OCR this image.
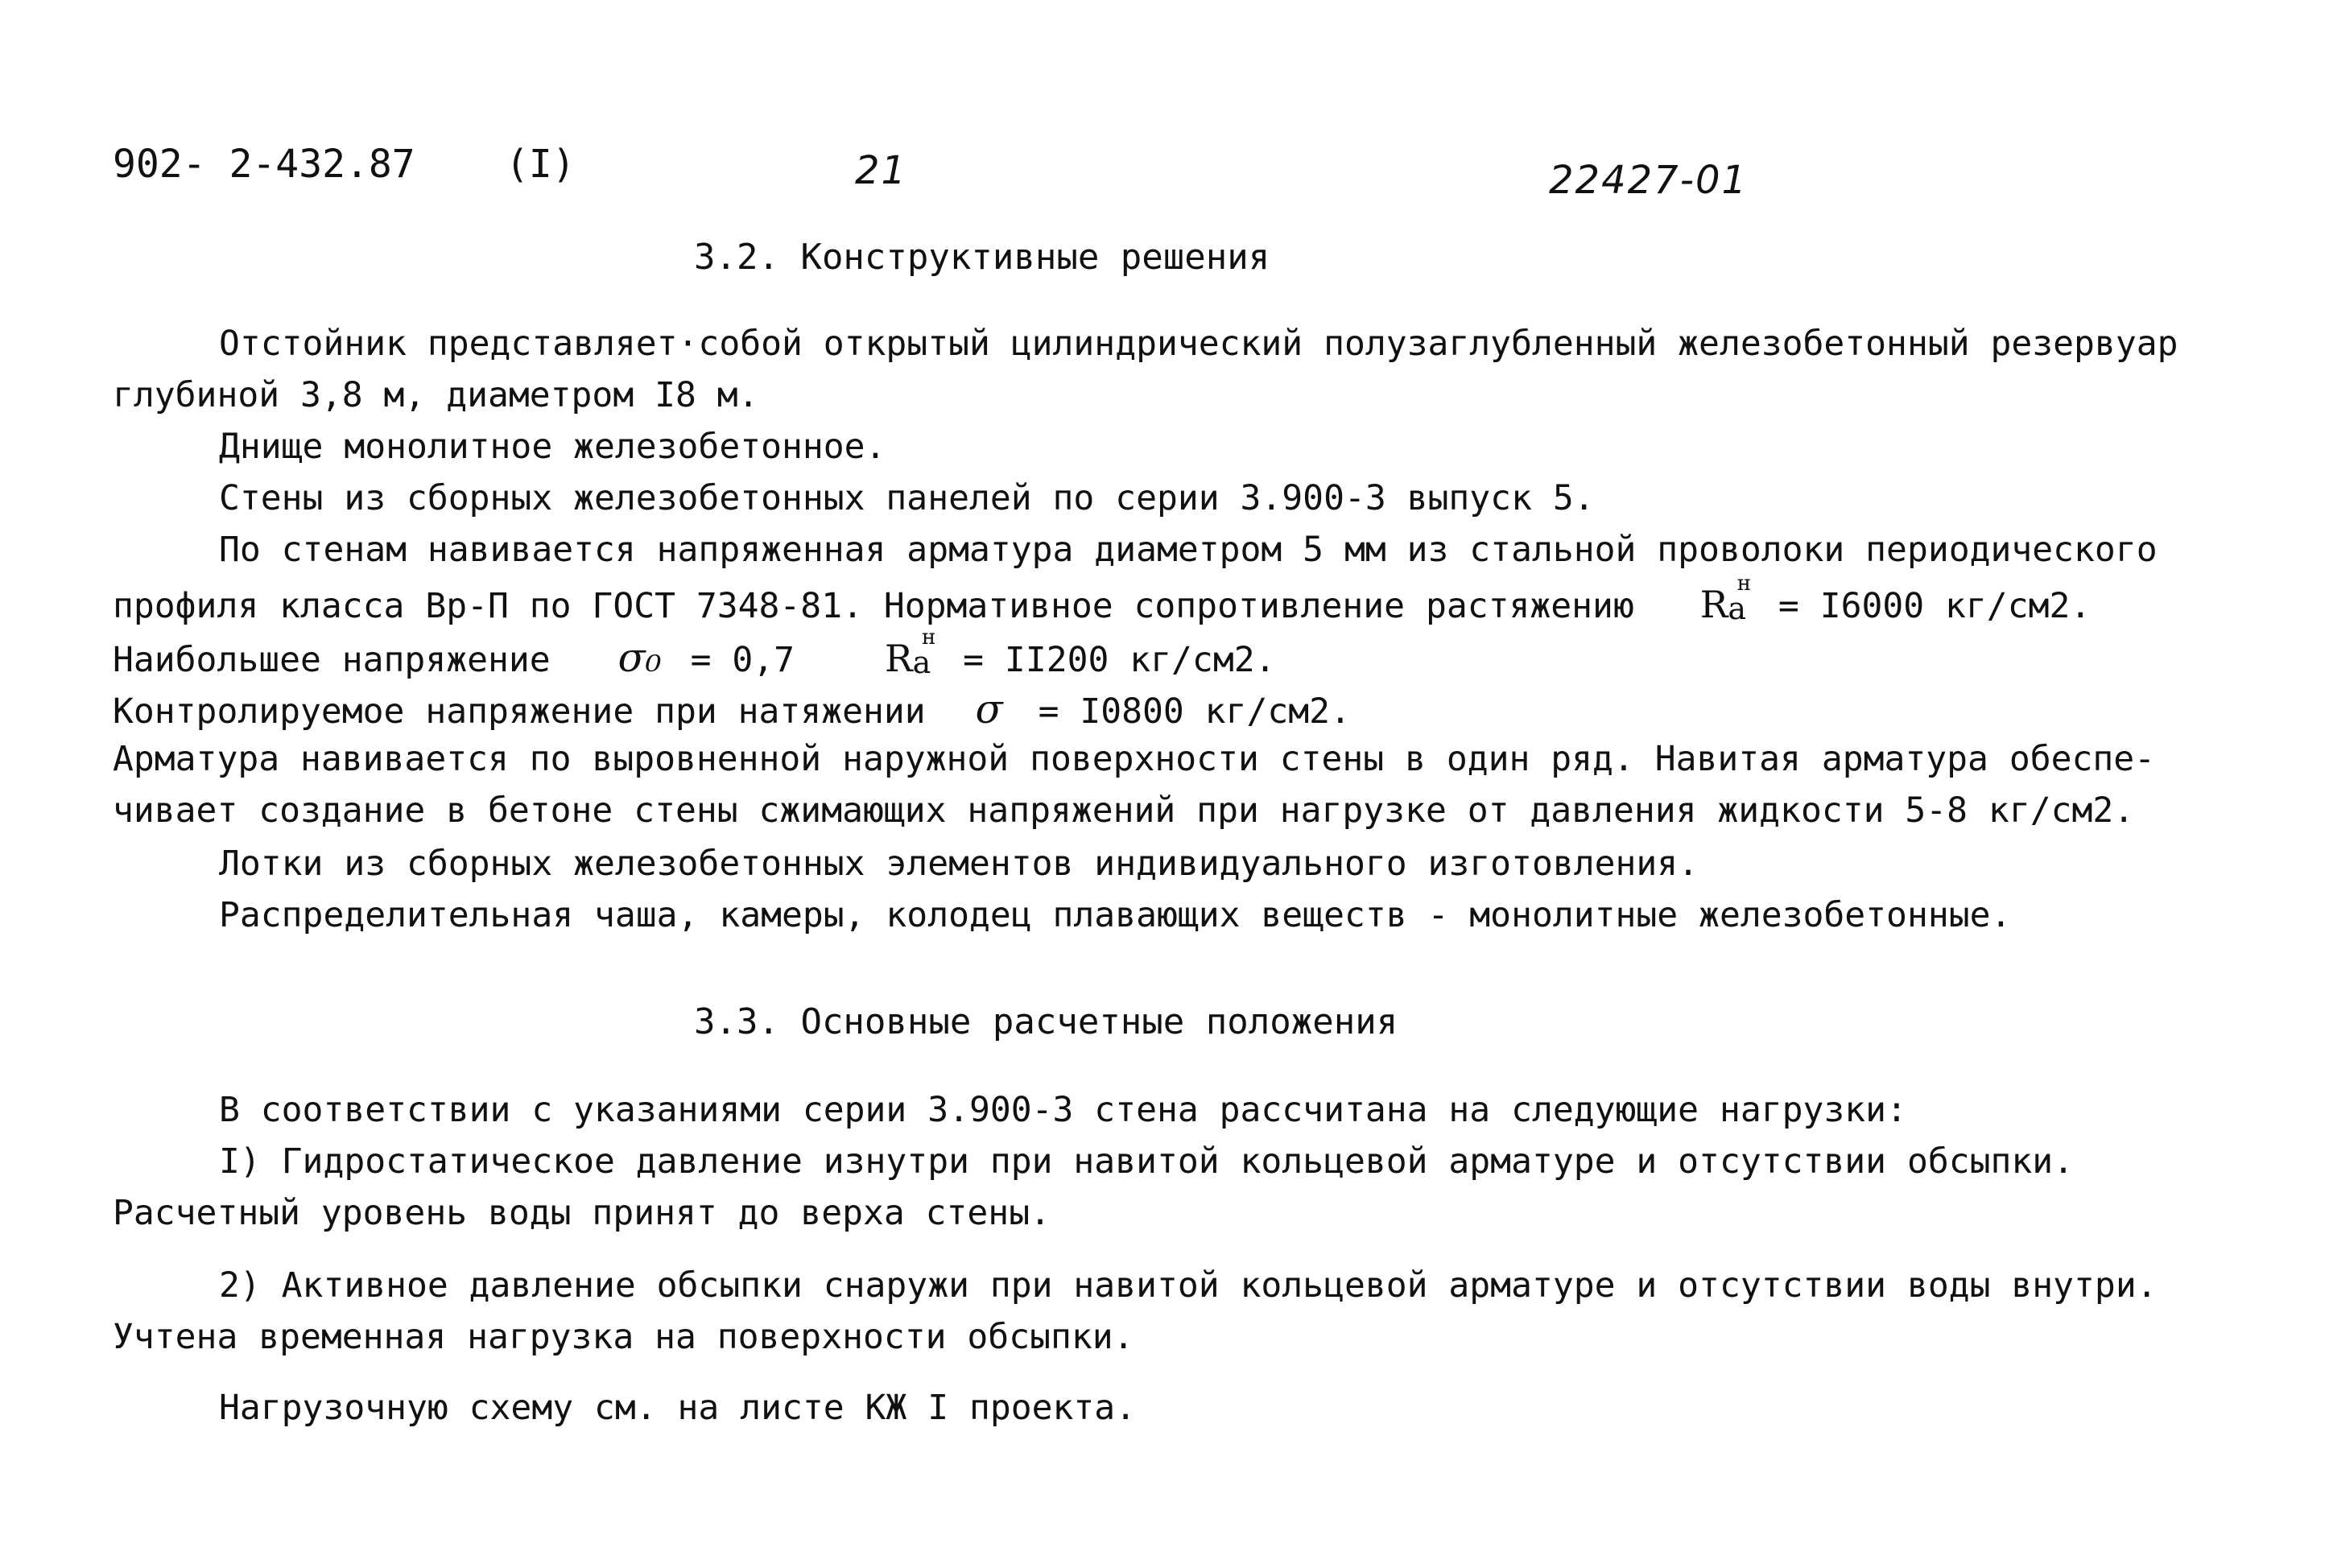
902- 2-432.87 (I)	21	22427-01
3.2. Конструктивные решения
Отстойник представляет·собой открытый цилиндрический полузаглубленный железобетонный резервуар
глубиной 3,8 м, диаметром I8 м.
Днище монолитное железобетонное.
Стены из сборных железобетонных панелей по серии 3.900-3 выпуск 5.
По стенам навивается напряженная арматура диаметром 5 мм из стальной проволоки периодического
профиля класса Вр-П по ГОСТ 7348-81. Нормативное сопротивление растяжению Ra
н
= I6000 кг/см2.
Наибольшее напряжение σ₀ = 0,7 Ra
н
= II200 кг/см2.
Контролируемое напряжение при натяжении σ = I0800 кг/см2.
Арматура навивается по выровненной наружной поверхности стены в один ряд. Навитая арматура обеспе-
чивает создание в бетоне стены сжимающих напряжений при нагрузке от давления жидкости 5-8 кг/см2.
Лотки из сборных железобетонных элементов индивидуального изготовления.
Распределительная чаша, камеры, колодец плавающих веществ - монолитные железобетонные.
3.3. Основные расчетные положения
В соответствии с указаниями серии 3.900-3 стена рассчитана на следующие нагрузки:
I) Гидростатическое давление изнутри при навитой кольцевой арматуре и отсутствии обсыпки.
Расчетный уровень воды принят до верха стены.
2) Активное давление обсыпки снаружи при навитой кольцевой арматуре и отсутствии воды внутри.
Учтена временная нагрузка на поверхности обсыпки.
Нагрузочную схему см. на листе КЖ I проекта.
